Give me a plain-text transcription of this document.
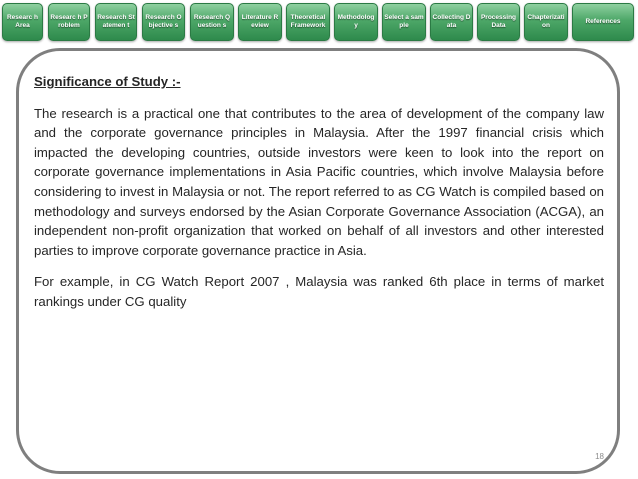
Researc h Area
Researc h Problem
Research Statemen t
Research Objective s
Research Question s
Literature Review
Theoretical Framework
Methodology
Select a sample
Collecting Data
Processing Data
Chapterization
References
Significance of Study :-

The research is a practical one that contributes to the area of development of the company law and the corporate governance principles in Malaysia. After the 1997 financial crisis which impacted the developing countries, outside investors were keen to look into the report on corporate governance implementations in Asia Pacific countries, which involve Malaysia before considering to invest in Malaysia or not. The report referred to as CG Watch is compiled based on methodology and surveys endorsed by the Asian Corporate Governance Association (ACGA), an independent non-profit organization that worked on behalf of all investors and other interested parties to improve corporate governance practice in Asia.

For example, in CG Watch Report 2007 , Malaysia was ranked 6th place in terms of market rankings under CG quality

18
